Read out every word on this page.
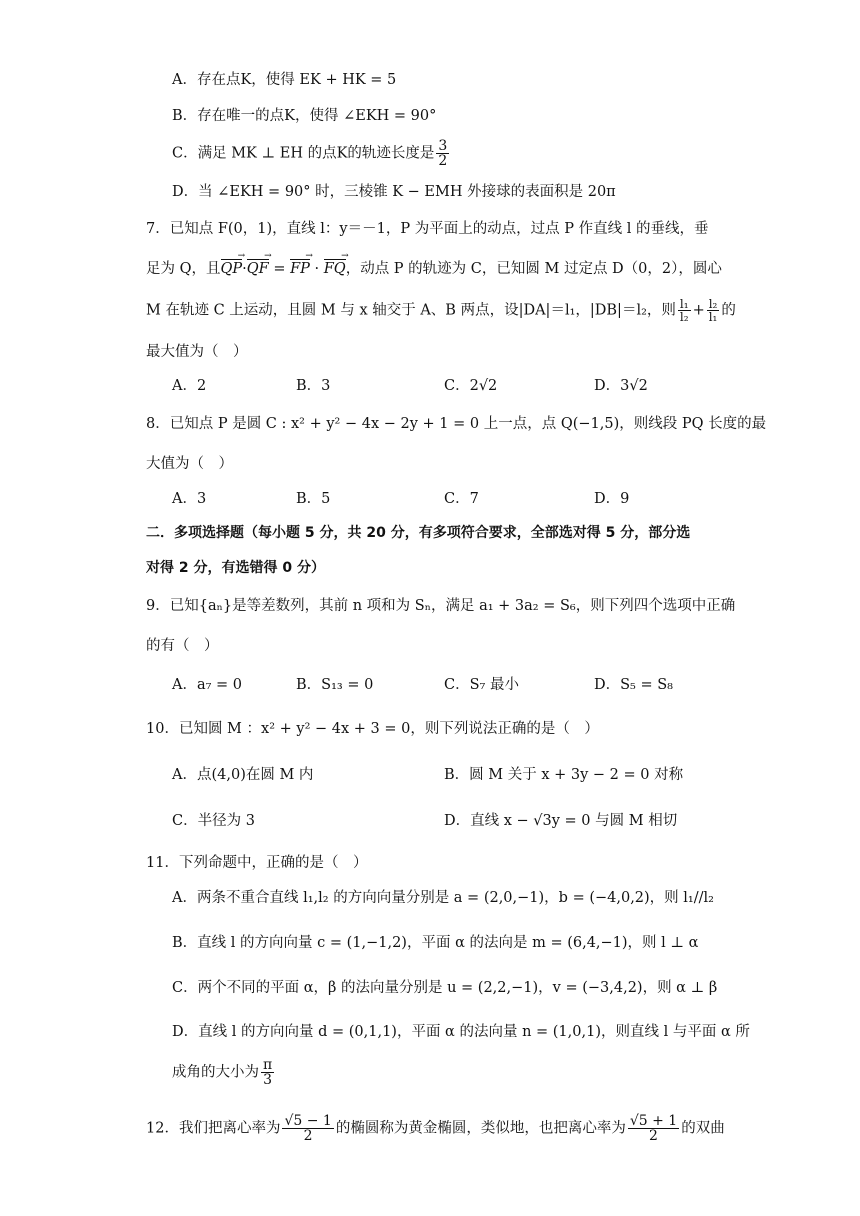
A．存在点K，使得 EK + HK = 5
B．存在唯一的点K，使得 ∠EKH = 90°
C．满足 MK ⊥ EH 的点K的轨迹长度是 $\frac{3}{2}$
D．当 ∠EKH = 90° 时，三棱锥 K − EMH 外接球的表面积是 20π
7．已知点 F(0，1)，直线 l：y＝－1，P 为平面上的动点，过点 P 作直线 l 的垂线，垂
足为 Q，且QP →·QF → = FP → · FQ →，动点 P 的轨迹为 C，已知圆 M 过定点 D（0，2），圆心
M 在轨迹 C 上运动，且圆 M 与 x 轴交于 A、B 两点，设|DA|＝l₁，|DB|＝l₂，则 $\frac{\text{l₁}}{\text{l₂}} + \frac{\text{l₂}}{\text{l₁}}$ 的
最大值为（　）
A．2	B．3	C．2√2	D．3√2
8．已知点 P 是圆 C : x² + y² − 4x − 2y + 1 = 0 上一点，点 Q(−1,5)，则线段 PQ 长度的最
大值为（　）
A．3	B．5	C．7	D．9
二．多项选择题（每小题 5 分，共 20 分，有多项符合要求，全部选对得 5 分，部分选
对得 2 分，有选错得 0 分）
9．已知{aₙ}是等差数列，其前 n 项和为 Sₙ，满足 a₁ + 3a₂ = S₆，则下列四个选项中正确
的有（　）
A．a₇ = 0	B．S₁₃ = 0	C．S₇ 最小	D．S₅ = S₈
10．已知圆 M ：x² + y² − 4x + 3 = 0，则下列说法正确的是（　）
A．点(4,0)在圆 M 内	B．圆 M 关于 x + 3y − 2 = 0 对称
C．半径为 3	D．直线 x − √3y = 0 与圆 M 相切
11．下列命题中，正确的是（　）
A．两条不重合直线 l₁,l₂ 的方向向量分别是 a = (2,0,−1)，b = (−4,0,2)，则 l₁//l₂
B．直线 l 的方向向量 c = (1,−1,2)，平面 α 的法向是 m = (6,4,−1)，则 l ⊥ α
C．两个不同的平面 α，β 的法向量分别是 u = (2,2,−1)，v = (−3,4,2)，则 α ⊥ β
D．直线 l 的方向向量 d = (0,1,1)，平面 α 的法向量 n = (1,0,1)，则直线 l 与平面 α 所
成角的大小为 $\frac{\pi}{3}$
12．我们把离心率为 $\frac{√5 - 1}{2}$ 的椭圆称为黄金椭圆，类似地，也把离心率为 $\frac{√5 + 1}{2}$ 的双曲
